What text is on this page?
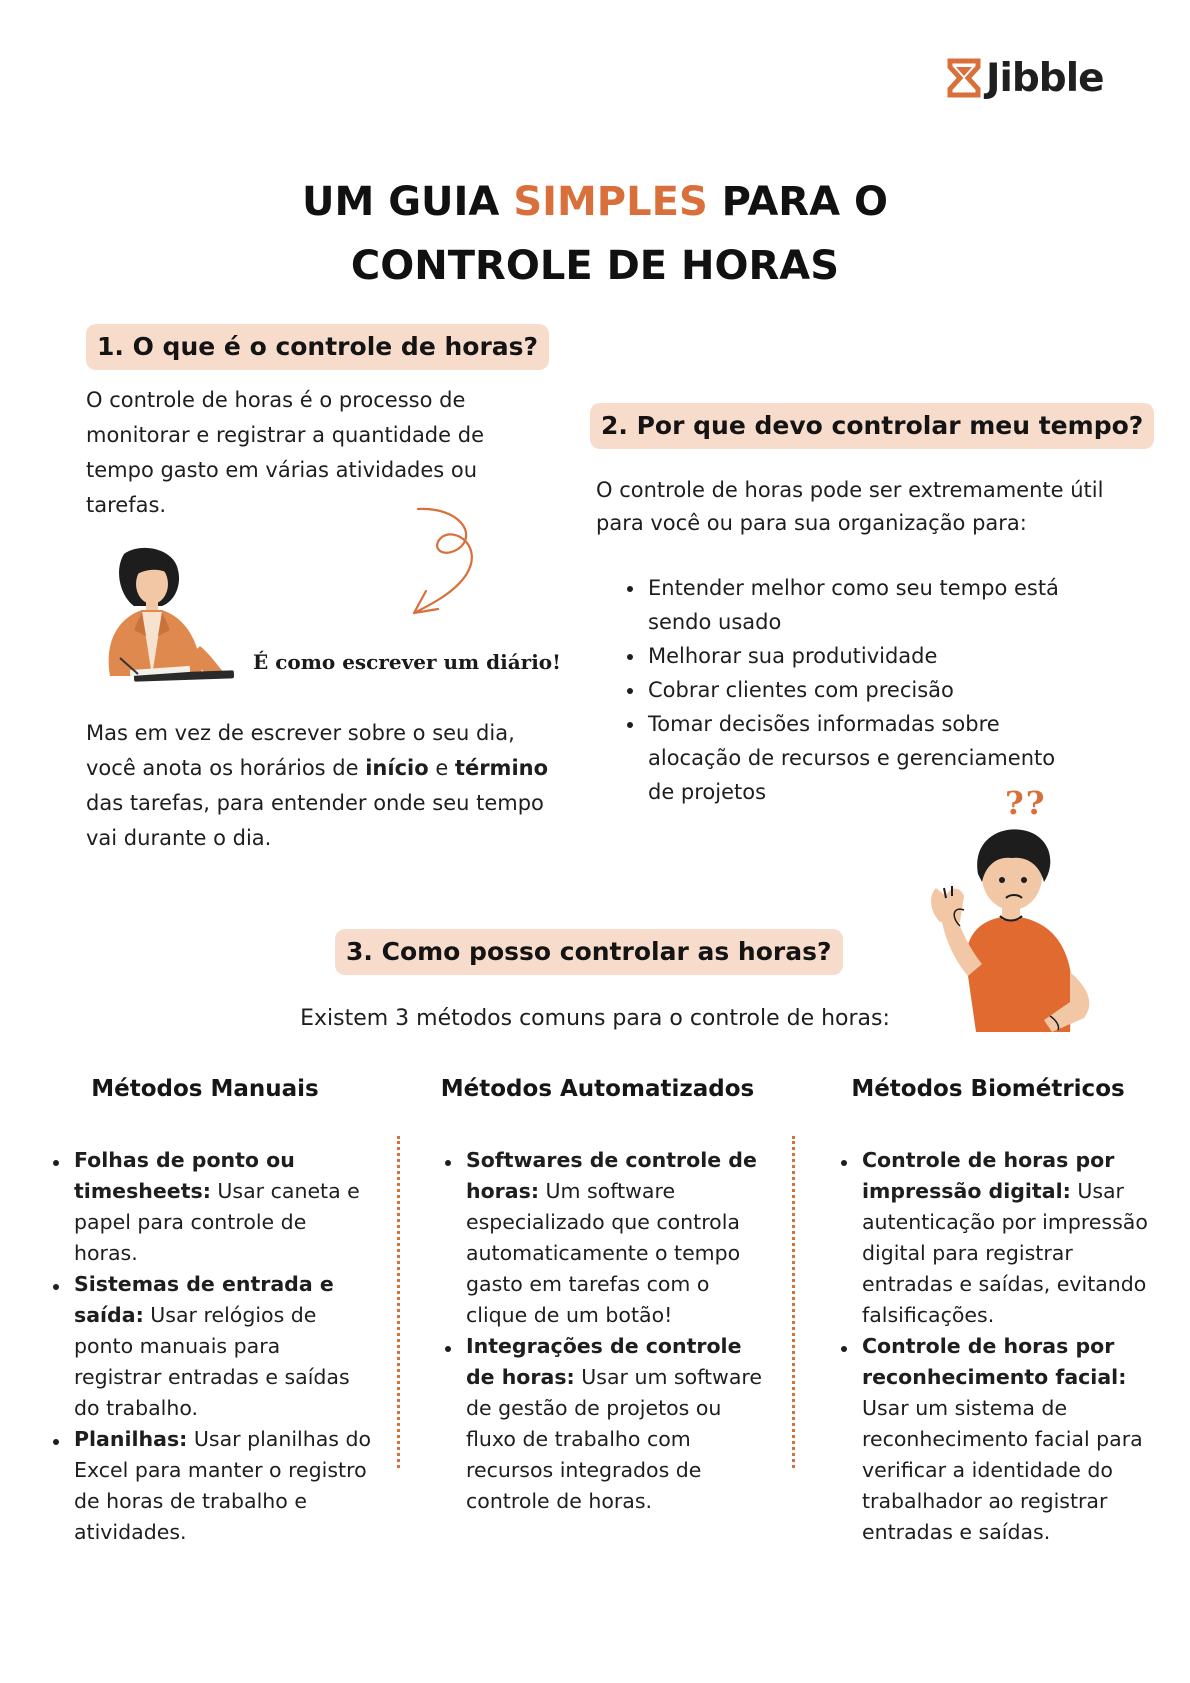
Jibble
UM GUIA SIMPLES PARA O
CONTROLE DE HORAS
1. O que é o controle de horas?
O controle de horas é o processo de
monitorar e registrar a quantidade de
tempo gasto em várias atividades ou
tarefas.
É como escrever um diário!
Mas em vez de escrever sobre o seu dia,
você anota os horários de início e término
das tarefas, para entender onde seu tempo
vai durante o dia.
2. Por que devo controlar meu tempo?
O controle de horas pode ser extremamente útil
para você ou para sua organização para:
Entender melhor como seu tempo está
sendo usado
Melhorar sua produtividade
Cobrar clientes com precisão
Tomar decisões informadas sobre
alocação de recursos e gerenciamento
de projetos	??
3. Como posso controlar as horas?
Existem 3 métodos comuns para o controle de horas:
Métodos Manuais	Métodos Automatizados	Métodos Biométricos
Folhas de ponto ou timesheets: Usar caneta e papel para controle de horas.
Sistemas de entrada e saída: Usar relógios de ponto manuais para registrar entradas e saídas do trabalho.
Planilhas: Usar planilhas do Excel para manter o registro de horas de trabalho e atividades.
Softwares de controle de horas: Um software especializado que controla automaticamente o tempo gasto em tarefas com o clique de um botão!
Integrações de controle de horas: Usar um software de gestão de projetos ou fluxo de trabalho com recursos integrados de controle de horas.
Controle de horas por impressão digital: Usar autenticação por impressão digital para registrar entradas e saídas, evitando falsificações.
Controle de horas por reconhecimento facial: Usar um sistema de reconhecimento facial para verificar a identidade do trabalhador ao registrar entradas e saídas.
